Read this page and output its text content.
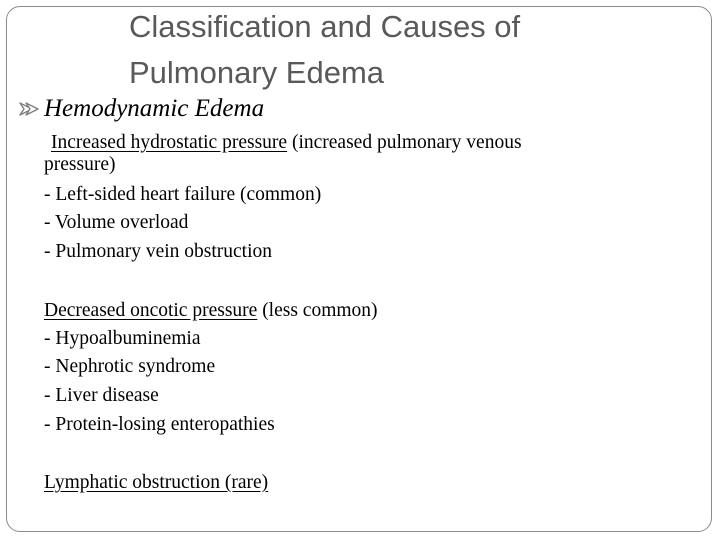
Classification and Causes of
Pulmonary Edema
Hemodynamic Edema
Increased hydrostatic pressure (increased pulmonary venous
pressure)
- Left-sided heart failure (common)
- Volume overload
- Pulmonary vein obstruction
Decreased oncotic pressure (less common)
- Hypoalbuminemia
- Nephrotic syndrome
- Liver disease
- Protein-losing enteropathies
Lymphatic obstruction (rare)
